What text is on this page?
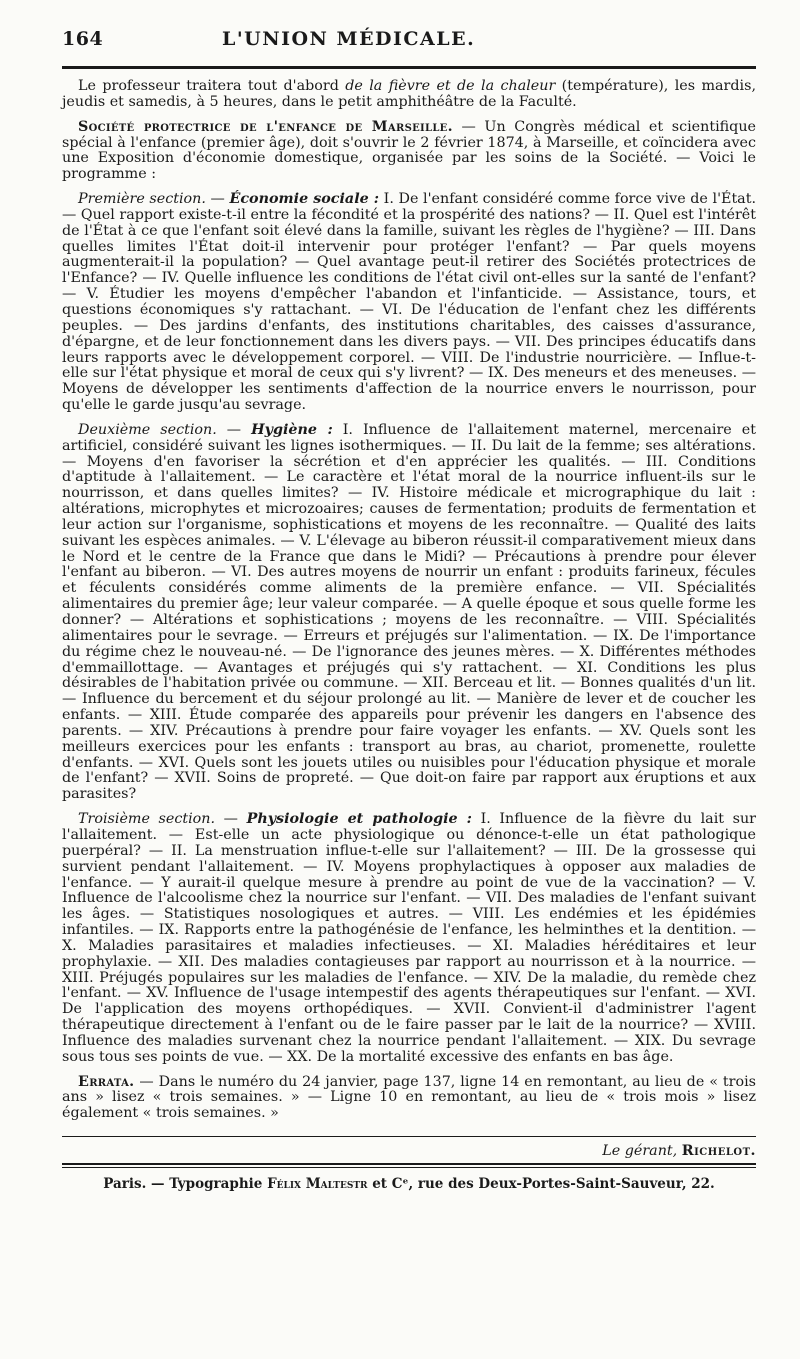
164	L'UNION MÉDICALE.

Le professeur traitera tout d'abord de la fièvre et de la chaleur (température), les mardis, jeudis et samedis, à 5 heures, dans le petit amphithéâtre de la Faculté.

Société protectrice de l'enfance de Marseille. — Un Congrès médical et scientifique spécial à l'enfance (premier âge), doit s'ouvrir le 2 février 1874, à Marseille, et coïncidera avec une Exposition d'économie domestique, organisée par les soins de la Société. — Voici le programme :

Première section. — Économie sociale : I. De l'enfant considéré comme force vive de l'État. — Quel rapport existe-t-il entre la fécondité et la prospérité des nations? — II. Quel est l'intérêt de l'État à ce que l'enfant soit élevé dans la famille, suivant les règles de l'hygiène? — III. Dans quelles limites l'État doit-il intervenir pour protéger l'enfant? — Par quels moyens augmenterait-il la population? — Quel avantage peut-il retirer des Sociétés protectrices de l'Enfance? — IV. Quelle influence les conditions de l'état civil ont-elles sur la santé de l'enfant? — V. Étudier les moyens d'empêcher l'abandon et l'infanticide. — Assistance, tours, et questions économiques s'y rattachant. — VI. De l'éducation de l'enfant chez les différents peuples. — Des jardins d'enfants, des institutions charitables, des caisses d'assurance, d'épargne, et de leur fonctionnement dans les divers pays. — VII. Des principes éducatifs dans leurs rapports avec le développement corporel. — VIII. De l'industrie nourricière. — Influe-t-elle sur l'état physique et moral de ceux qui s'y livrent? — IX. Des meneurs et des meneuses. — Moyens de développer les sentiments d'affection de la nourrice envers le nourrisson, pour qu'elle le garde jusqu'au sevrage.

Deuxième section. — Hygiène : I. Influence de l'allaitement maternel, mercenaire et artificiel, considéré suivant les lignes isothermiques. — II. Du lait de la femme; ses altérations. — Moyens d'en favoriser la sécrétion et d'en apprécier les qualités. — III. Conditions d'aptitude à l'allaitement. — Le caractère et l'état moral de la nourrice influent-ils sur le nourrisson, et dans quelles limites? — IV. Histoire médicale et micrographique du lait : altérations, microphytes et microzoaires; causes de fermentation; produits de fermentation et leur action sur l'organisme, sophistications et moyens de les reconnaître. — Qualité des laits suivant les espèces animales. — V. L'élevage au biberon réussit-il comparativement mieux dans le Nord et le centre de la France que dans le Midi? — Précautions à prendre pour élever l'enfant au biberon. — VI. Des autres moyens de nourrir un enfant : produits farineux, fécules et féculents considérés comme aliments de la première enfance. — VII. Spécialités alimentaires du premier âge; leur valeur comparée. — A quelle époque et sous quelle forme les donner? — Altérations et sophistications ; moyens de les reconnaître. — VIII. Spécialités alimentaires pour le sevrage. — Erreurs et préjugés sur l'alimentation. — IX. De l'importance du régime chez le nouveau-né. — De l'ignorance des jeunes mères. — X. Différentes méthodes d'emmaillottage. — Avantages et préjugés qui s'y rattachent. — XI. Conditions les plus désirables de l'habitation privée ou commune. — XII. Berceau et lit. — Bonnes qualités d'un lit. — Influence du bercement et du séjour prolongé au lit. — Manière de lever et de coucher les enfants. — XIII. Étude comparée des appareils pour prévenir les dangers en l'absence des parents. — XIV. Précautions à prendre pour faire voyager les enfants. — XV. Quels sont les meilleurs exercices pour les enfants : transport au bras, au chariot, promenette, roulette d'enfants. — XVI. Quels sont les jouets utiles ou nuisibles pour l'éducation physique et morale de l'enfant? — XVII. Soins de propreté. — Que doit-on faire par rapport aux éruptions et aux parasites?

Troisième section. — Physiologie et pathologie : I. Influence de la fièvre du lait sur l'allaitement. — Est-elle un acte physiologique ou dénonce-t-elle un état pathologique puerpéral? — II. La menstruation influe-t-elle sur l'allaitement? — III. De la grossesse qui survient pendant l'allaitement. — IV. Moyens prophylactiques à opposer aux maladies de l'enfance. — Y aurait-il quelque mesure à prendre au point de vue de la vaccination? — V. Influence de l'alcoolisme chez la nourrice sur l'enfant. — VII. Des maladies de l'enfant suivant les âges. — Statistiques nosologiques et autres. — VIII. Les endémies et les épidémies infantiles. — IX. Rapports entre la pathogénésie de l'enfance, les helminthes et la dentition. — X. Maladies parasitaires et maladies infectieuses. — XI. Maladies héréditaires et leur prophylaxie. — XII. Des maladies contagieuses par rapport au nourrisson et à la nourrice. — XIII. Préjugés populaires sur les maladies de l'enfance. — XIV. De la maladie, du remède chez l'enfant. — XV. Influence de l'usage intempestif des agents thérapeutiques sur l'enfant. — XVI. De l'application des moyens orthopédiques. — XVII. Convient-il d'administrer l'agent thérapeutique directement à l'enfant ou de le faire passer par le lait de la nourrice? — XVIII. Influence des maladies survenant chez la nourrice pendant l'allaitement. — XIX. Du sevrage sous tous ses points de vue. — XX. De la mortalité excessive des enfants en bas âge.

Errata. — Dans le numéro du 24 janvier, page 137, ligne 14 en remontant, au lieu de « trois ans » lisez « trois semaines. » — Ligne 10 en remontant, au lieu de « trois mois » lisez également « trois semaines. »

Le gérant, Richelot.
Paris. — Typographie Félix Maltestr et Cᵉ, rue des Deux-Portes-Saint-Sauveur, 22.
